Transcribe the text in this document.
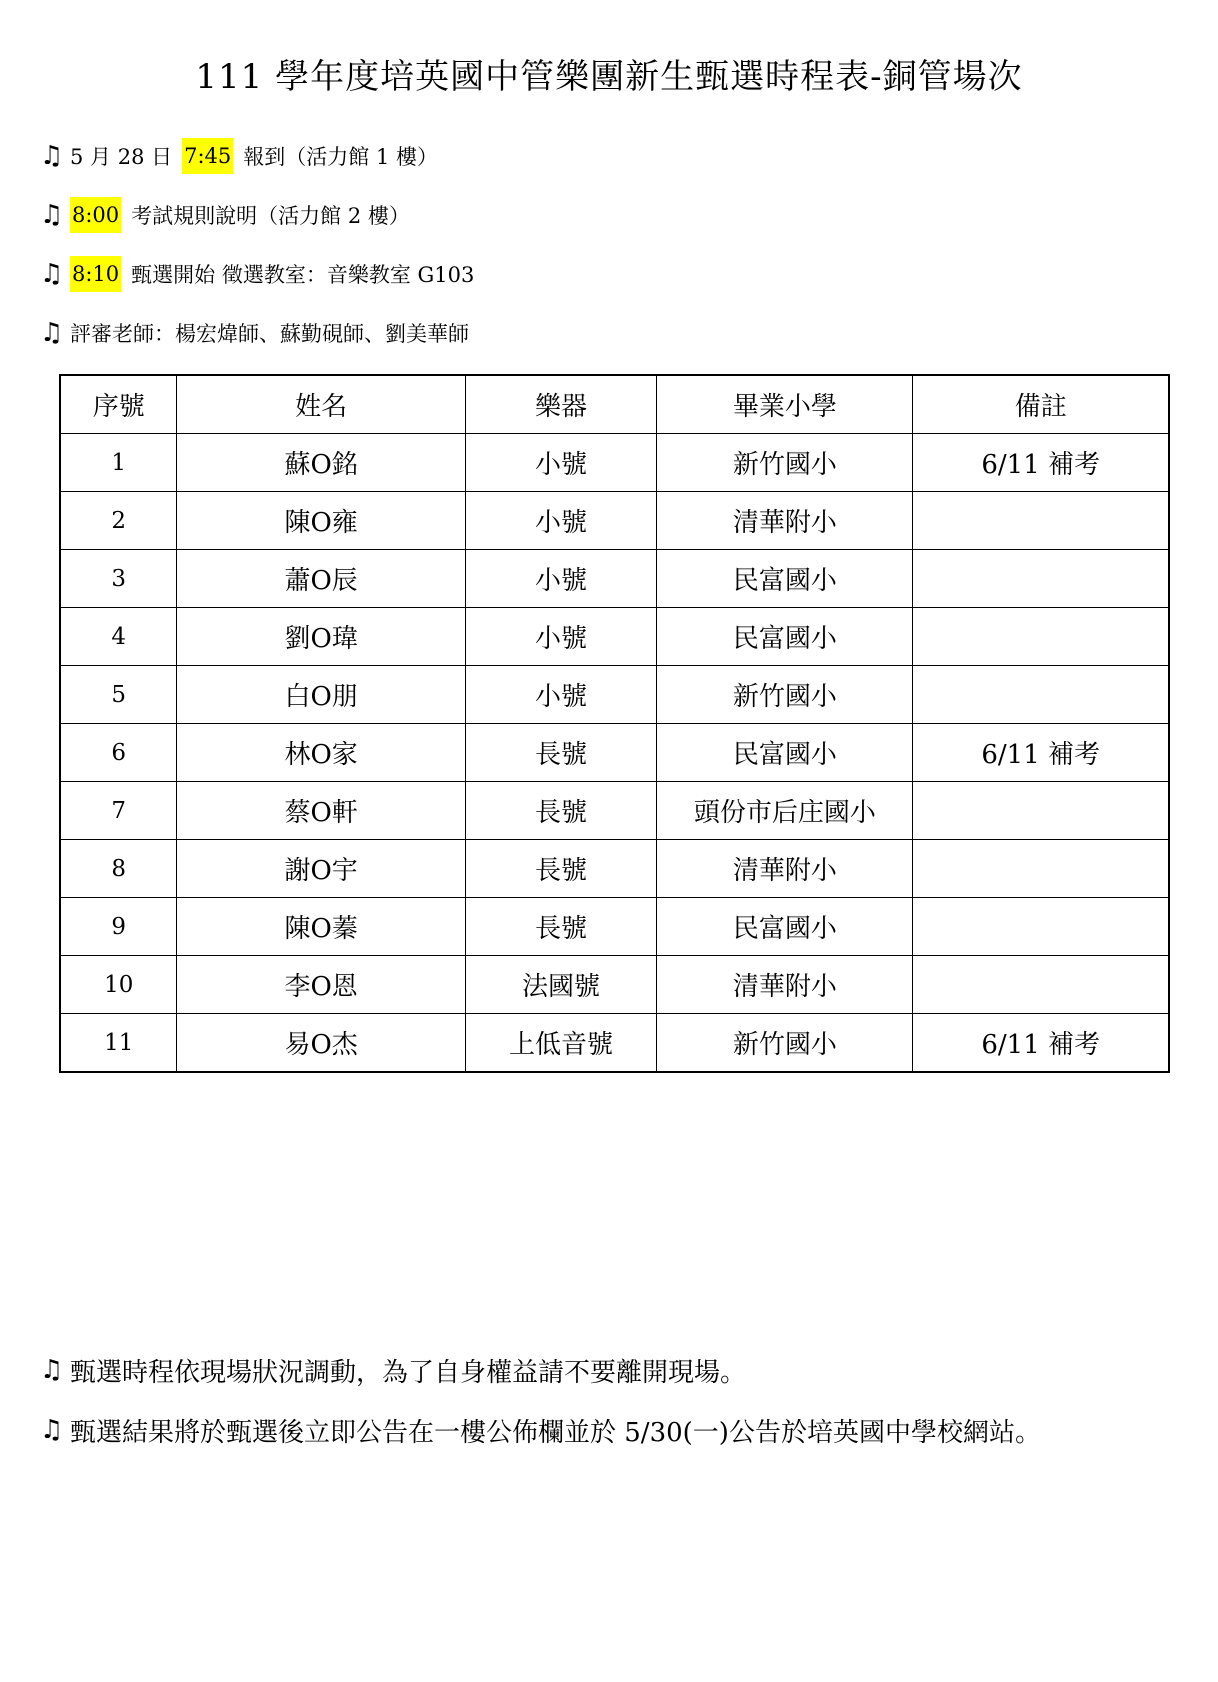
111 學年度培英國中管樂團新生甄選時程表-銅管場次
♫ 5 月 28 日 7:45 報到（活力館 1 樓）
♫ 8:00 考試規則說明（活力館 2 樓）
♫ 8:10 甄選開始 徵選教室：音樂教室 G103
♫ 評審老師：楊宏煒師、蘇勤硯師、劉美華師
序號	姓名	樂器	畢業小學	備註
1	蘇O銘	小號	新竹國小	6/11 補考
2	陳O雍	小號	清華附小	
3	蕭O辰	小號	民富國小	
4	劉O瑋	小號	民富國小	
5	白O朋	小號	新竹國小	
6	林O家	長號	民富國小	6/11 補考
7	蔡O軒	長號	頭份市后庄國小	
8	謝O宇	長號	清華附小	
9	陳O蓁	長號	民富國小	
10	李O恩	法國號	清華附小	
11	易O杰	上低音號	新竹國小	6/11 補考
♫ 甄選時程依現場狀況調動，為了自身權益請不要離開現場。
♫ 甄選結果將於甄選後立即公告在一樓公佈欄並於 5/30(一)公告於培英國中學校網站。
